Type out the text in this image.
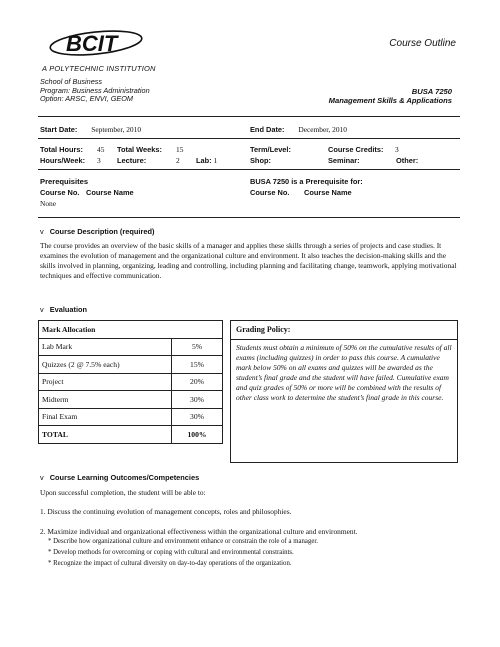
BCIT	Course Outline
A POLYTECHNIC INSTITUTION
School of Business
Program: Business Administration
Option: ARSC, ENVI, GEOM
BUSA 7250
Management Skills & Applications
Start Date: September, 2010	End Date: December, 2010
Total Hours: 45 Total Weeks: 15	Term/Level:	Course Credits: 3
Hours/Week: 3 Lecture:	2 Lab: 1	Shop:	Seminar:	Other:
Prerequisites
Course No. Course Name
None
BUSA 7250 is a Prerequisite for:
Course No. Course Name
v Course Description (required)
The course provides an overview of the basic skills of a manager and applies these skills through a series of projects and case studies. It examines the evolution of management and the organizational culture and environment. It also teaches the decision-making skills and the skills involved in planning, organizing, leading and controlling, including planning and facilitating change, teamwork, applying motivational techniques and effective communication.
v Evaluation
Mark Allocation	
Lab Mark	5%
Quizzes (2 @ 7.5% each)	15%
Project	20%
Midterm	30%
Final Exam	30%
TOTAL	100%
Grading Policy:
Students must obtain a minimum of 50% on the cumulative results of all exams (including quizzes) in order to pass this course. A cumulative mark below 50% on all exams and quizzes will be awarded as the student’s final grade and the student will have failed. Cumulative exam and quiz grades of 50% or more will be combined with the results of other class work to determine the student’s final grade in this course.
v Course Learning Outcomes/Competencies
Upon successful completion, the student will be able to:
1. Discuss the continuing evolution of management concepts, roles and philosophies.
2. Maximize individual and organizational effectiveness within the organizational culture and environment.
* Describe how organizational culture and environment enhance or constrain the role of a manager.
* Develop methods for overcoming or coping with cultural and environmental constraints.
* Recognize the impact of cultural diversity on day-to-day operations of the organization.
